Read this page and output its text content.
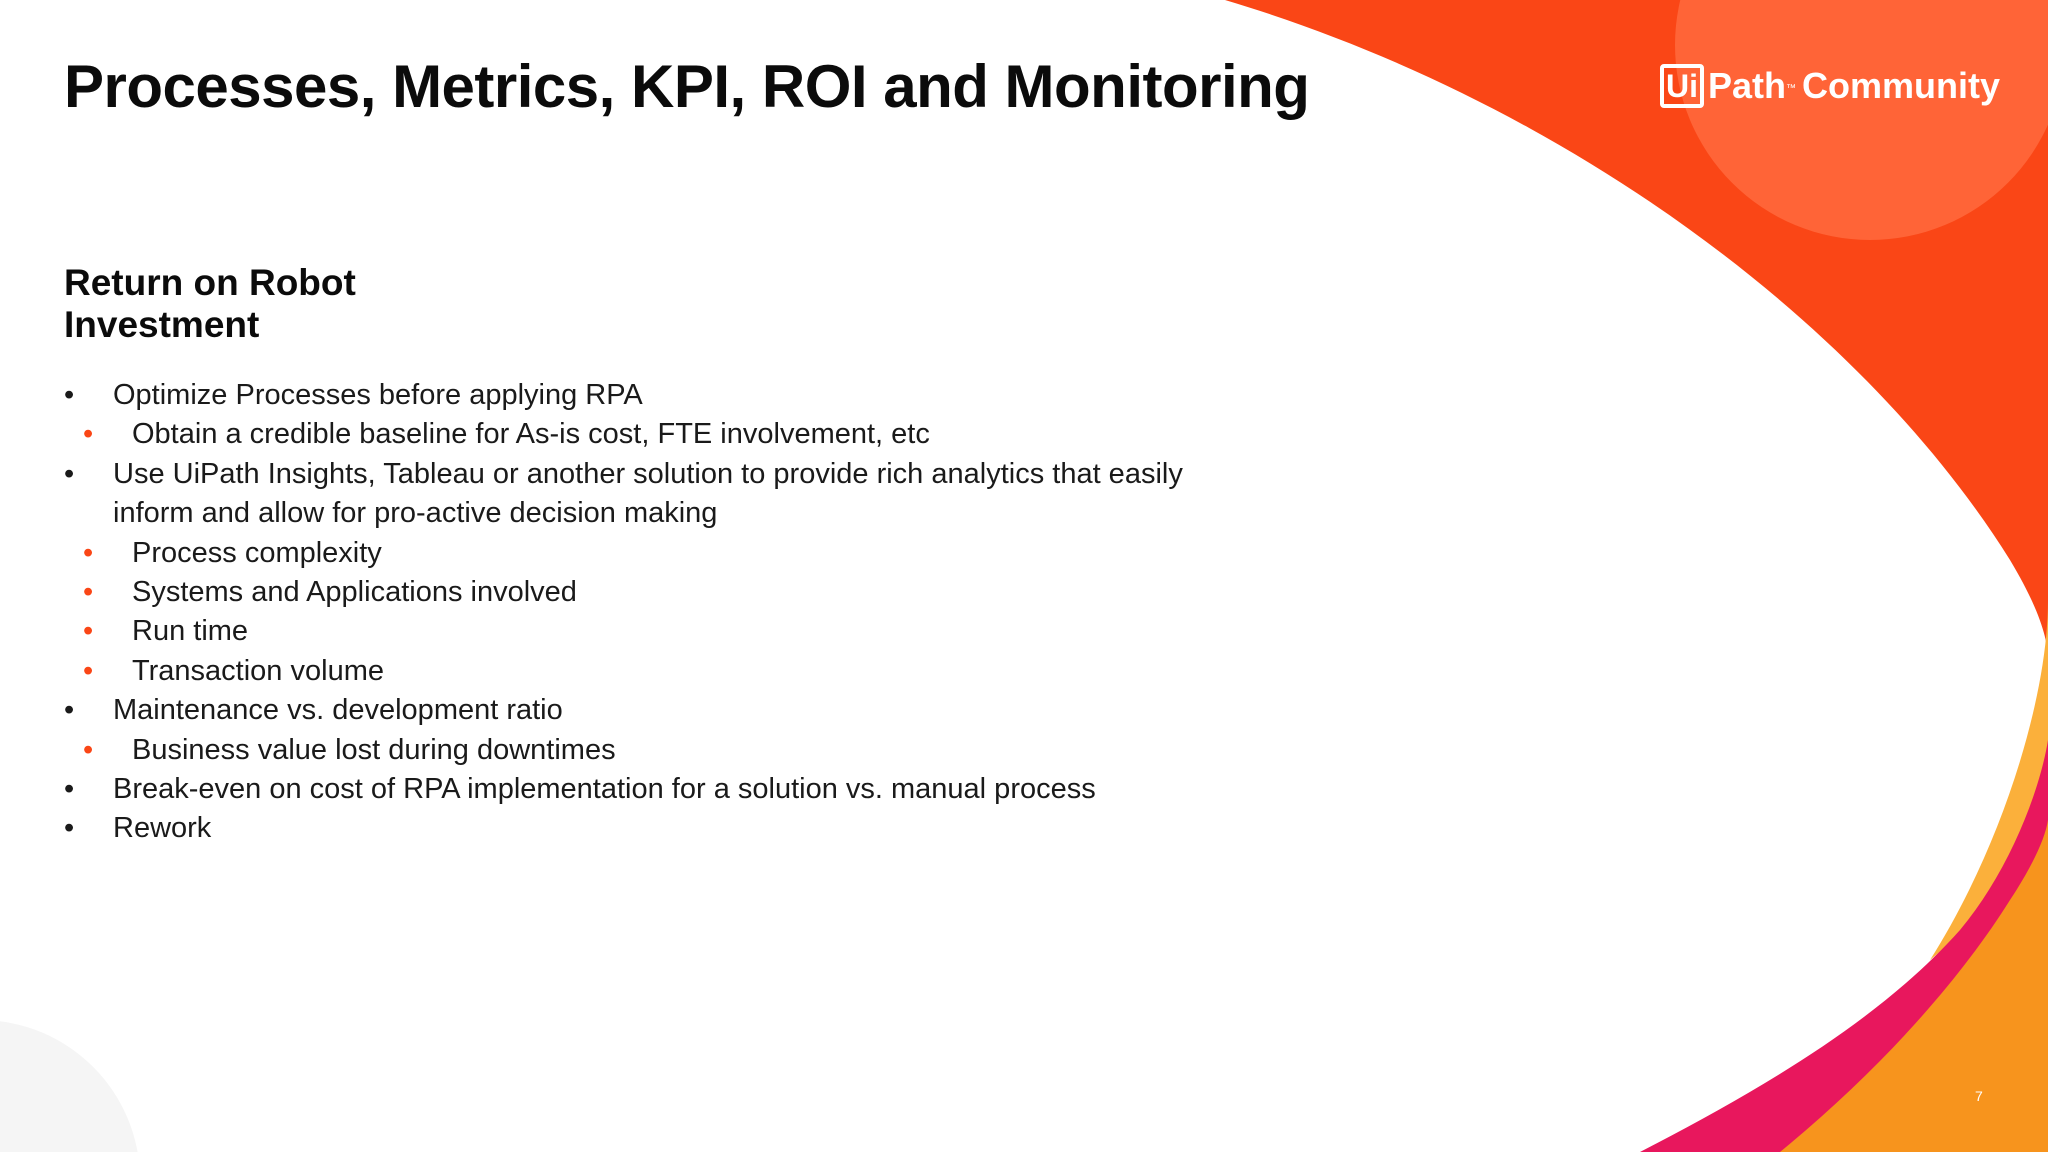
Processes, Metrics, KPI, ROI and Monitoring	Ui Path ™ Community
Return on Robot
Investment
• Optimize Processes before applying RPA
• Obtain a credible baseline for As-is cost, FTE involvement, etc
• Use UiPath Insights, Tableau or another solution to provide rich analytics that easily inform and allow for pro-active decision making
• Process complexity
• Systems and Applications involved
• Run time
• Transaction volume
• Maintenance vs. development ratio
• Business value lost during downtimes
• Break-even on cost of RPA implementation for a solution vs. manual process
• Rework
7
